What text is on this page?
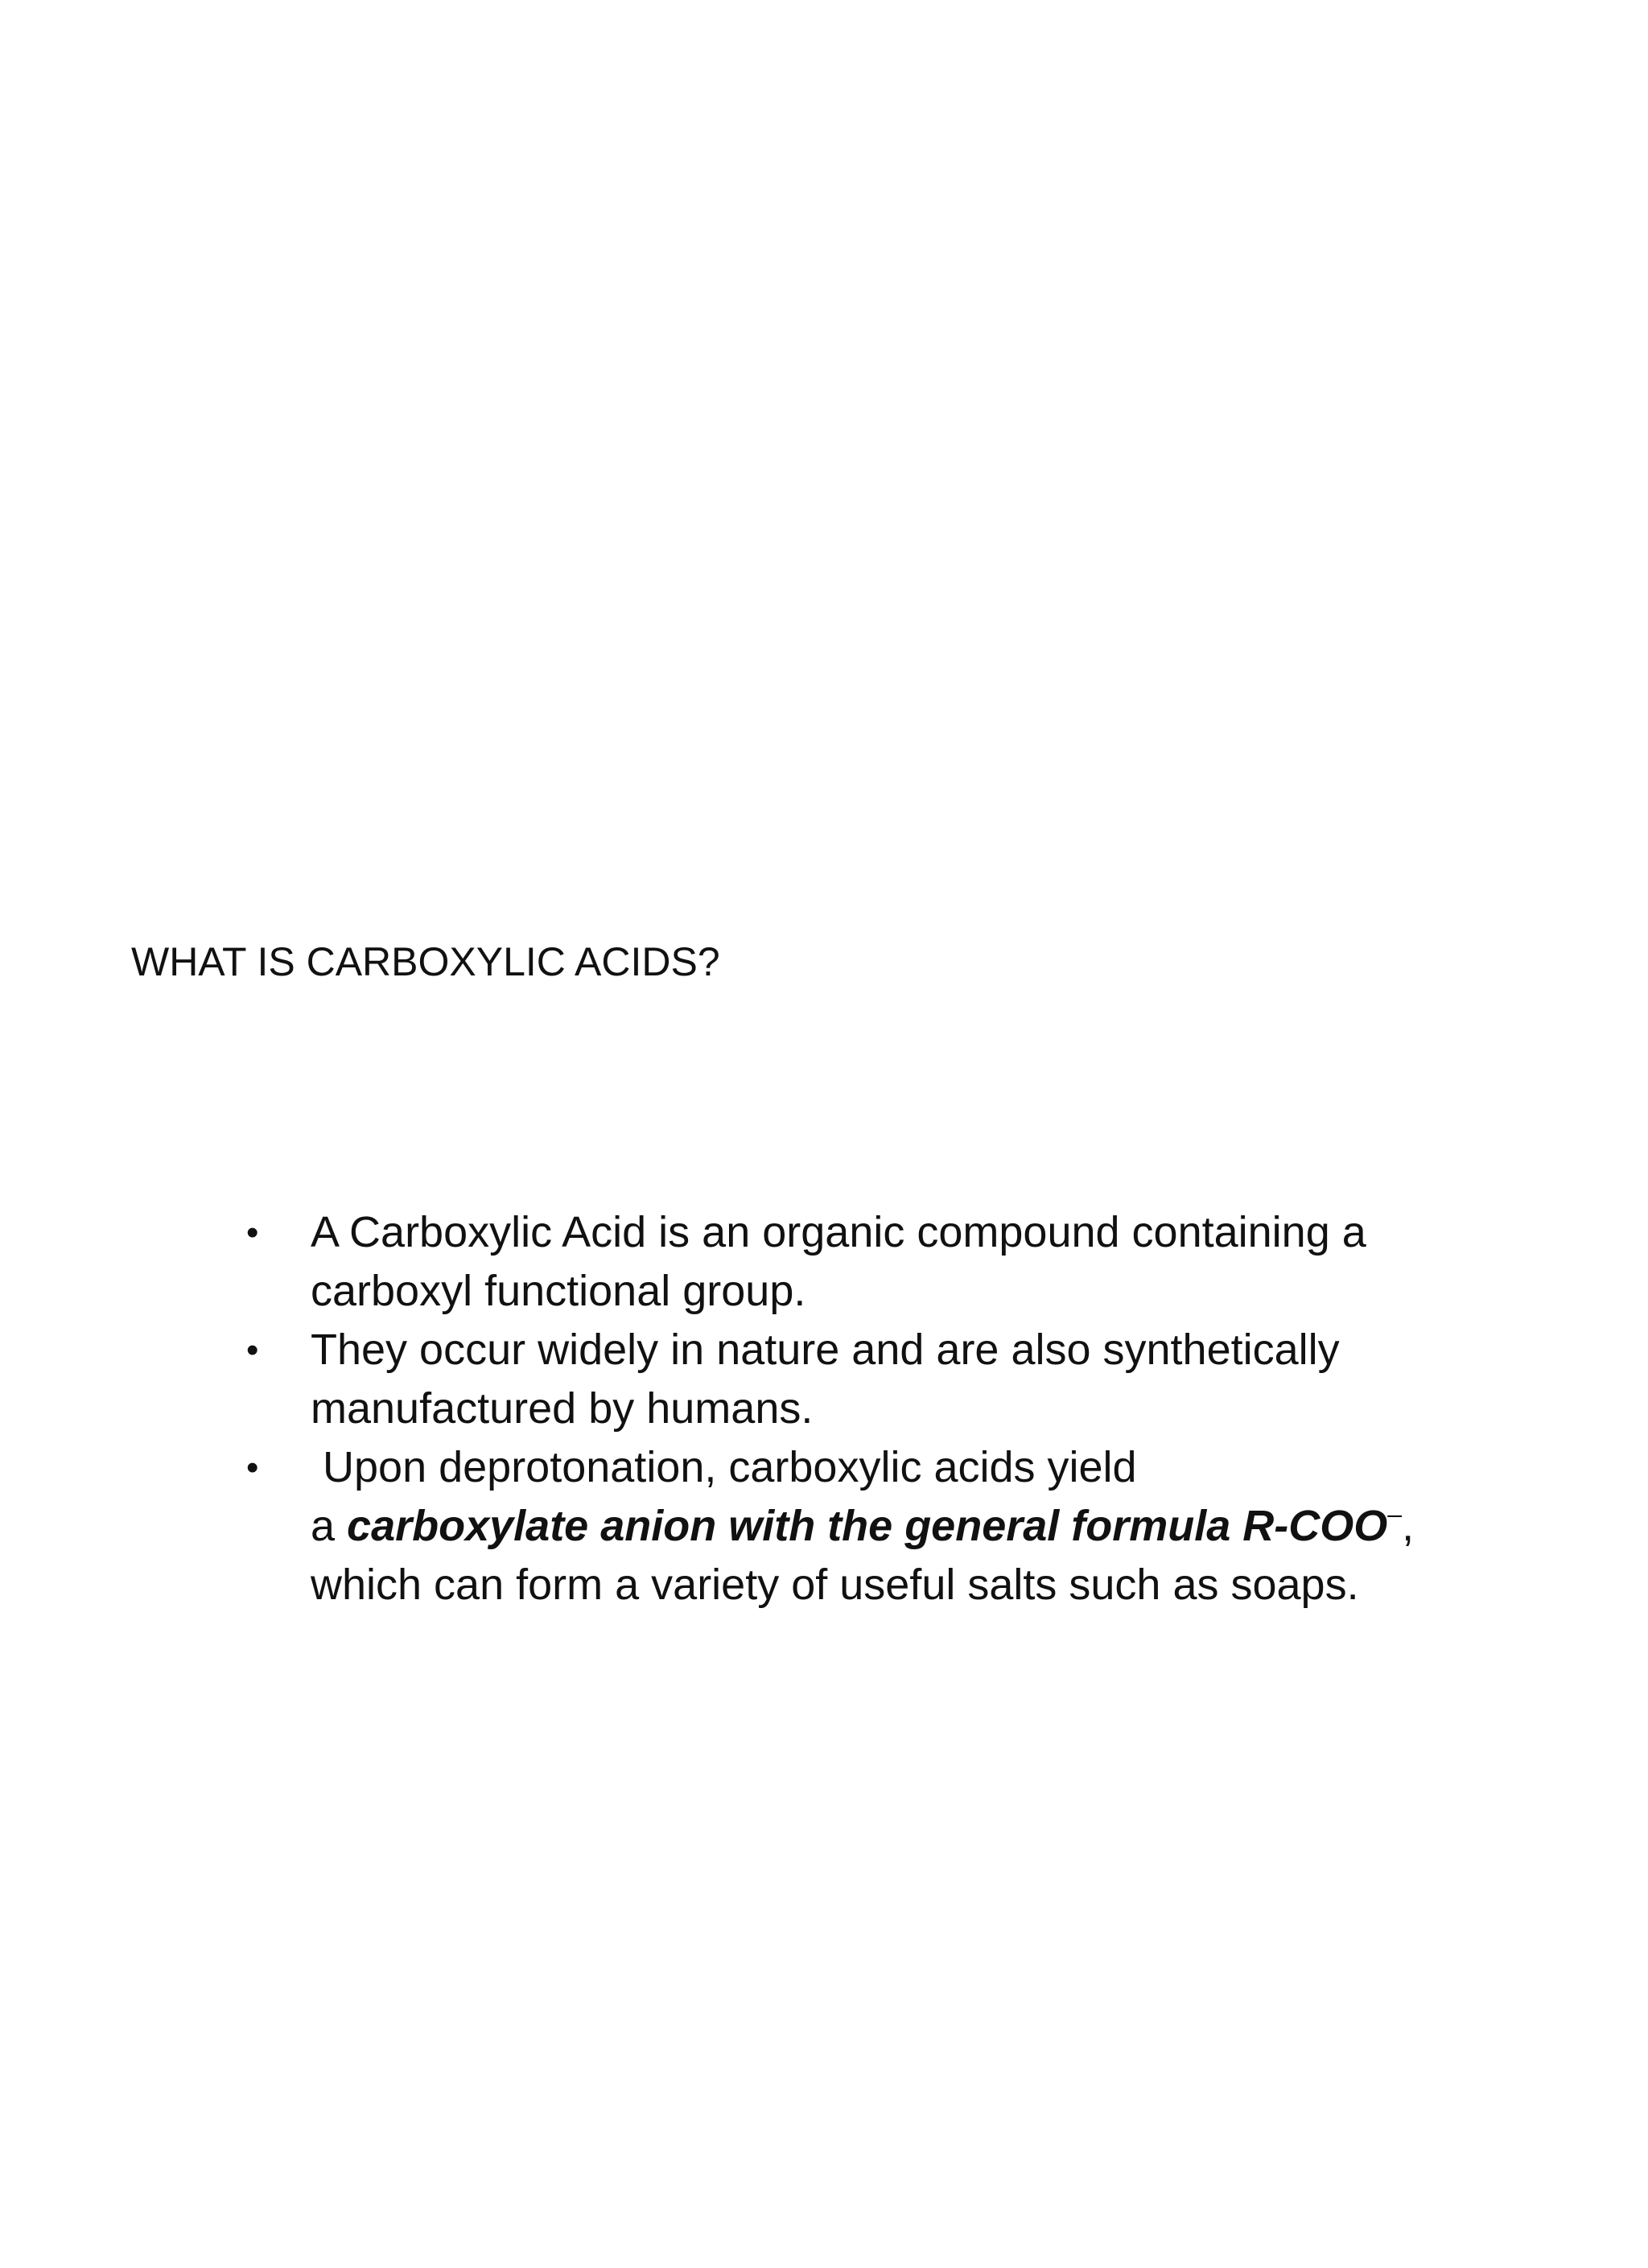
WHAT IS CARBOXYLIC ACIDS?
• A Carboxylic Acid is an organic compound containing a
carboxyl functional group.
• They occur widely in nature and are also synthetically
manufactured by humans.
• Upon deprotonation, carboxylic acids yield
a carboxylate anion with the general formula R-COO–,
which can form a variety of useful salts such as soaps.
